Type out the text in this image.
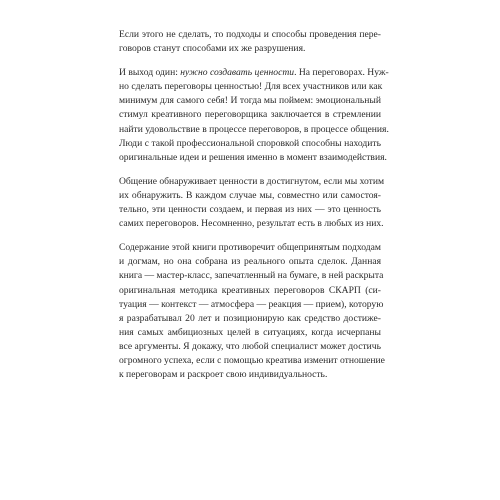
Если этого не сделать, то подходы и способы проведения пере-
говоров станут способами их же разрушения.

И выход один: нужно создавать ценности. На переговорах. Нуж-
но сделать переговоры ценностью! Для всех участников или как
минимум для самого себя! И тогда мы поймем: эмоциональный
стимул креативного переговорщика заключается в стремлении
найти удовольствие в процессе переговоров, в процессе общения.
Люди с такой профессиональной споровкой способны находить
оригинальные идеи и решения именно в момент взаимодействия.

Общение обнаруживает ценности в достигнутом, если мы хотим
их обнаружить. В каждом случае мы, совместно или самостоя-
тельно, эти ценности создаем, и первая из них — это ценность
самих переговоров. Несомненно, результат есть в любых из них.

Содержание этой книги противоречит общепринятым подходам
и догмам, но она собрана из реального опыта сделок. Данная
книга — мастер-класс, запечатленный на бумаге, в ней раскрыта
оригинальная методика креативных переговоров СКАРП (си-
туация — контекст — атмосфера — реакция — прием), которую
я разрабатывал 20 лет и позиционирую как средство достиже-
ния самых амбициозных целей в ситуациях, когда исчерпаны
все аргументы. Я докажу, что любой специалист может достичь
огромного успеха, если с помощью креатива изменит отношение
к переговорам и раскроет свою индивидуальность.
